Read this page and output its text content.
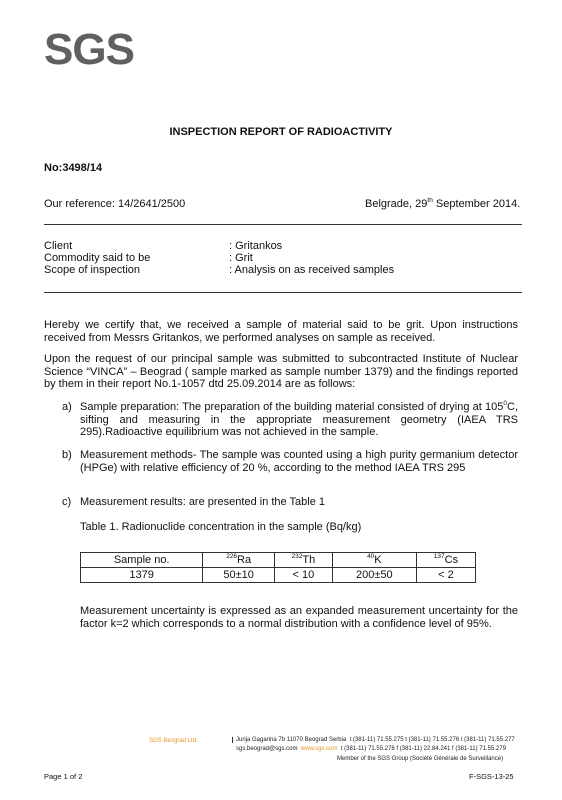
SGS
INSPECTION REPORT OF RADIOACTIVITY
No:3498/14
Our reference: 14/2641/2500	Belgrade, 29th September 2014.
Client	: Gritankos
Commodity said to be	: Grit
Scope of inspection	: Analysis on as received samples
Hereby we certify that, we received a sample of material said to be grit. Upon instructions received from Messrs Gritankos, we performed analyses on sample as received.
Upon the request of our principal sample was submitted to subcontracted Institute of Nuclear Science “VINCA” – Beograd ( sample marked as sample number 1379) and the findings reported by them in their report No.1-1057 dtd 25.09.2014 are as follows:
a) Sample preparation: The preparation of the building material consisted of drying at $105^0C$, sifting and measuring in the appropriate measurement geometry (IAEA TRS 295).Radioactive equilibrium was not achieved in the sample.
b) Measurement methods- The sample was counted using a high purity germanium detector (HPGe) with relative efficiency of 20 %, according to the method IAEA TRS 295
c) Measurement results: are presented in the Table 1
Table 1. Radionuclide concentration in the sample (Bq/kg)
Sample no.	$^{226}$Ra	$^{232}$Th	$^{40}$K	$^{137}$Cs
1379	50±10	< 10	200±50	< 2
Measurement uncertainty is expressed as an expanded measurement uncertainty for the factor k=2 which corresponds to a normal distribution with a confidence level of 95%.
SGS Beograd Ltd.	Jurija Gagarina 7b 11070 Beograd Serbia t (381-11) 71.55.275 t (381-11) 71.55.276 t (381-11) 71.55.277
sgs.beograd@sgs.com www.sgs.com t (381-11) 71.55.278 f (381-11) 22.84.241 f (381-11) 71.55.279
Member of the SGS Group (Société Générale de Surveillance)
Page 1 of 2	F-SGS-13-25
